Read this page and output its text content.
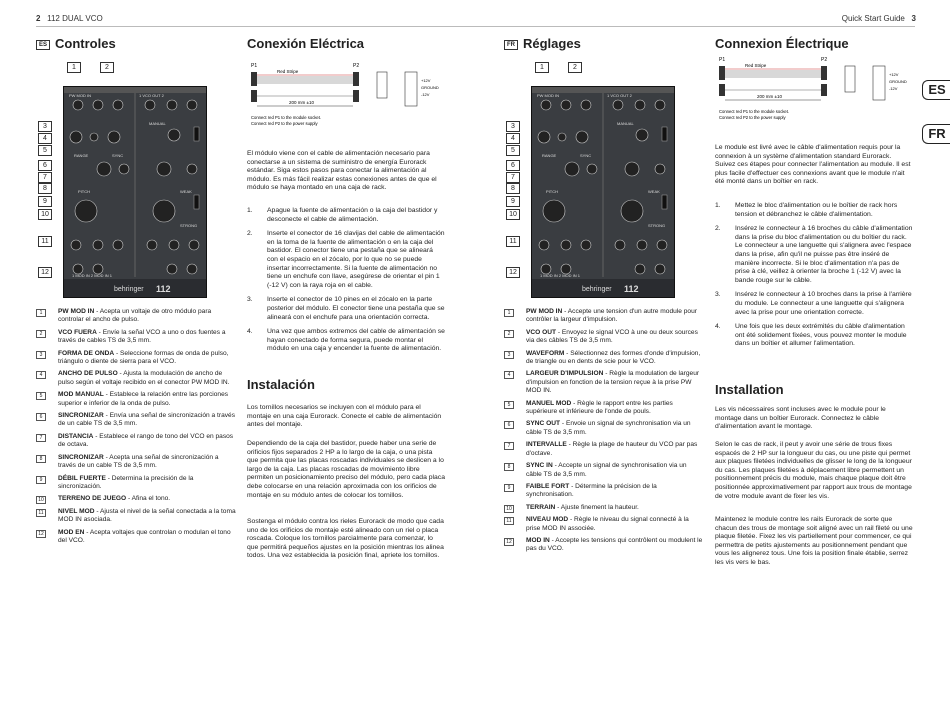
2 112 DUAL VCO	Quick Start Guide 3
ES Controles
behringer 112
PW MOD IN	1 VCO OUT 2
MANUAL
RANGE	SYNC
PITCH	WEAK
STRONG
1 MOD IN 2 MOD IN 1
1	2
3
4
5
6
7
8
9
10
11
12
1	PW MOD IN - Acepta un voltaje de otro módulo para controlar el ancho de pulso.
2	VCO FUERA - Envíe la señal VCO a uno o dos fuentes a través de cables TS de 3,5 mm.
3	FORMA DE ONDA - Seleccione formas de onda de pulso, triángulo o diente de sierra para el VCO.
4	ANCHO DE PULSO - Ajusta la modulación de ancho de pulso según el voltaje recibido en el conector PW MOD IN.
5	MOD MANUAL - Establece la relación entre las porciones superior e inferior de la onda de pulso.
6	SINCRONIZAR - Envía una señal de sincronización a través de un cable TS de 3,5 mm.
7	DISTANCIA - Establece el rango de tono del VCO en pasos de octava.
8	SINCRONIZAR - Acepta una señal de sincronización a través de un cable TS de 3,5 mm.
9	DÉBIL FUERTE - Determina la precisión de la sincronización.
10	TERRENO DE JUEGO - Afina el tono.
11	NIVEL MOD - Ajusta el nivel de la señal conectada a la toma MOD IN asociada.
12	MOD EN - Acepta voltajes que controlan o modulan el tono del VCO.
Conexión Eléctrica
P1	P2
Red Stripe
200 mm ±10
Connect red P1 to the module socket.
Connect red P2 to the power supply
+12V
GROUND
-12V
El módulo viene con el cable de alimentación necesario para conectarse a un sistema de suministro de energía Eurorack estándar. Siga estos pasos para conectar la alimentación al módulo. Es más fácil realizar estas conexiones antes de que el módulo se haya montado en una caja de rack.
1. Apague la fuente de alimentación o la caja del bastidor y desconecte el cable de alimentación.
2. Inserte el conector de 16 clavijas del cable de alimentación en la toma de la fuente de alimentación o en la caja del bastidor. El conector tiene una pestaña que se alineará con el espacio en el zócalo, por lo que no se puede insertar incorrectamente. Si la fuente de alimentación no tiene un enchufe con llave, asegúrese de orientar el pin 1 (-12 V) con la raya roja en el cable.
3. Inserte el conector de 10 pines en el zócalo en la parte posterior del módulo. El conector tiene una pestaña que se alineará con el enchufe para una orientación correcta.
4. Una vez que ambos extremos del cable de alimentación se hayan conectado de forma segura, puede montar el módulo en una caja y encender la fuente de alimentación.
Instalación
Los tornillos necesarios se incluyen con el módulo para el montaje en una caja Eurorack. Conecte el cable de alimentación antes del montaje.
Dependiendo de la caja del bastidor, puede haber una serie de orificios fijos separados 2 HP a lo largo de la caja, o una pista que permita que las placas roscadas individuales se deslicen a lo largo de la caja. Las placas roscadas de movimiento libre permiten un posicionamiento preciso del módulo, pero cada placa debe colocarse en una relación aproximada con los orificios de montaje en su módulo antes de colocar los tornillos.
Sostenga el módulo contra los rieles Eurorack de modo que cada uno de los orificios de montaje esté alineado con un riel o placa roscada. Coloque los tornillos parcialmente para comenzar, lo que permitirá pequeños ajustes en la posición mientras los alinea todos. Una vez establecida la posición final, apriete los tornillos.
FR Réglages
behringer 112
PW MOD IN	1 VCO OUT 2
MANUAL
RANGE	SYNC
PITCH	WEAK
STRONG
1 MOD IN 2 MOD IN 1
1	2
3
4
5
6
7
8
9
10
11
12
1	PW MOD IN - Accepte une tension d'un autre module pour contrôler la largeur d'impulsion.
2	VCO OUT - Envoyez le signal VCO à une ou deux sources via des câbles TS de 3,5 mm.
3	WAVEFORM - Sélectionnez des formes d'onde d'impulsion, de triangle ou en dents de scie pour le VCO.
4	LARGEUR D'IMPULSION - Règle la modulation de largeur d'impulsion en fonction de la tension reçue à la prise PW MOD IN.
5	MANUEL MOD - Règle le rapport entre les parties supérieure et inférieure de l'onde de pouls.
6	SYNC OUT - Envoie un signal de synchronisation via un câble TS de 3,5 mm.
7	INTERVALLE - Règle la plage de hauteur du VCO par pas d'octave.
8	SYNC IN - Accepte un signal de synchronisation via un câble TS de 3,5 mm.
9	FAIBLE FORT - Détermine la précision de la synchronisation.
10	TERRAIN - Ajuste finement la hauteur.
11	NIVEAU MOD - Règle le niveau du signal connecté à la prise MOD IN associée.
12	MOD IN - Accepte les tensions qui contrôlent ou modulent le pas du VCO.
Connexion Électrique
P1	P2
Red Stripe
200 mm ±10
Connect red P1 to the module socket.
Connect red P2 to the power supply
+12V
GROUND
-12V
Le module est livré avec le câble d'alimentation requis pour la connexion à un système d'alimentation standard Eurorack. Suivez ces étapes pour connecter l'alimentation au module. Il est plus facile d'effectuer ces connexions avant que le module n'ait été monté dans un boîtier en rack.
1. Mettez le bloc d'alimentation ou le boîtier de rack hors tension et débranchez le câble d'alimentation.
2. Insérez le connecteur à 16 broches du câble d'alimentation dans la prise du bloc d'alimentation ou du boîtier du rack. Le connecteur a une languette qui s'alignera avec l'espace dans la prise, afin qu'il ne puisse pas être inséré de manière incorrecte. Si le bloc d'alimentation n'a pas de prise à clé, veillez à orienter la broche 1 (-12 V) avec la bande rouge sur le câble.
3. Insérez le connecteur à 10 broches dans la prise à l'arrière du module. Le connecteur a une languette qui s'alignera avec la prise pour une orientation correcte.
4. Une fois que les deux extrémités du câble d'alimentation ont été solidement fixées, vous pouvez monter le module dans un boîtier et allumer l'alimentation.
Installation
Les vis nécessaires sont incluses avec le module pour le montage dans un boîtier Eurorack. Connectez le câble d'alimentation avant le montage.
Selon le cas de rack, il peut y avoir une série de trous fixes espacés de 2 HP sur la longueur du cas, ou une piste qui permet aux plaques filetées individuelles de glisser le long de la longueur du cas. Les plaques filetées à déplacement libre permettent un positionnement précis du module, mais chaque plaque doit être positionnée approximativement par rapport aux trous de montage de votre module avant de fixer les vis.
Maintenez le module contre les rails Eurorack de sorte que chacun des trous de montage soit aligné avec un rail fileté ou une plaque filetée. Fixez les vis partiellement pour commencer, ce qui permettra de petits ajustements au positionnement pendant que vous les alignerez tous. Une fois la position finale établie, serrez les vis vers le bas.
ES
FR
